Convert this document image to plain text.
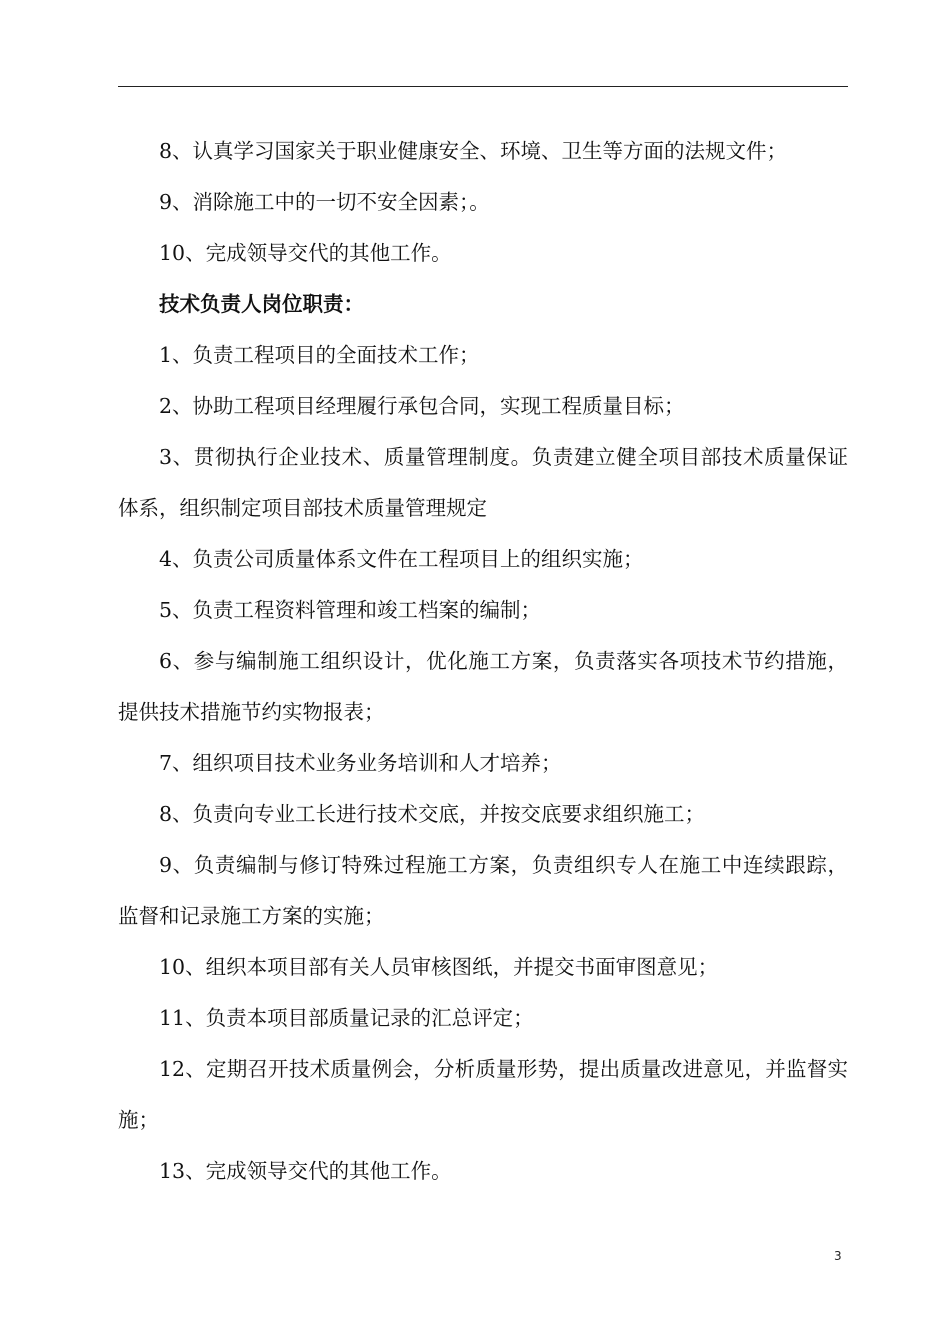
8、认真学习国家关于职业健康安全、环境、卫生等方面的法规文件；

9、消除施工中的一切不安全因素；。

10、完成领导交代的其他工作。

技术负责人岗位职责：

1、负责工程项目的全面技术工作；

2、协助工程项目经理履行承包合同，实现工程质量目标；

3、贯彻执行企业技术、质量管理制度。负责建立健全项目部技术质量保证体系，组织制定项目部技术质量管理规定

4、负责公司质量体系文件在工程项目上的组织实施；

5、负责工程资料管理和竣工档案的编制；

6、参与编制施工组织设计，优化施工方案，负责落实各项技术节约措施，提供技术措施节约实物报表；

7、组织项目技术业务业务培训和人才培养；

8、负责向专业工长进行技术交底，并按交底要求组织施工；

9、负责编制与修订特殊过程施工方案，负责组织专人在施工中连续跟踪，监督和记录施工方案的实施；

10、组织本项目部有关人员审核图纸，并提交书面审图意见；

11、负责本项目部质量记录的汇总评定；

12、定期召开技术质量例会，分析质量形势，提出质量改进意见，并监督实施；

13、完成领导交代的其他工作。

3
